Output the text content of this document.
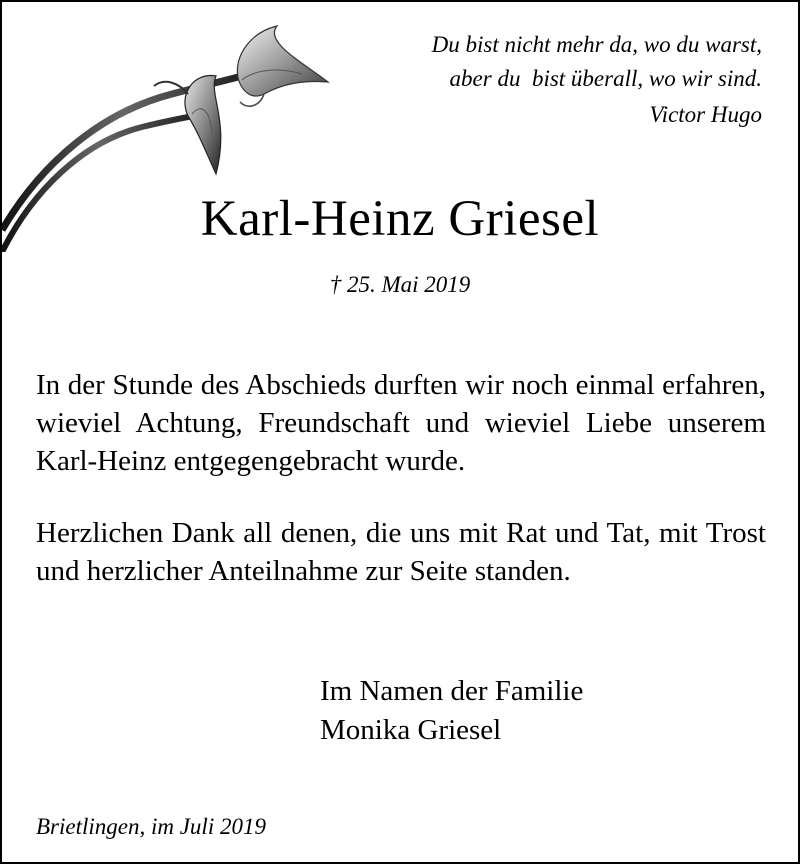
Du bist nicht mehr da, wo du warst,
aber du  bist überall, wo wir sind.
Victor Hugo
Karl-Heinz Griesel
† 25. Mai 2019
In der Stunde des Abschieds durften wir noch einmal erfahren, wieviel Achtung, Freundschaft und wieviel Liebe unserem Karl-Heinz entgegengebracht wurde.
Herzlichen Dank all denen, die uns mit Rat und Tat, mit Trost und herzlicher Anteilnahme zur Seite standen.
Im Namen der Familie
Monika Griesel
Brietlingen, im Juli 2019
